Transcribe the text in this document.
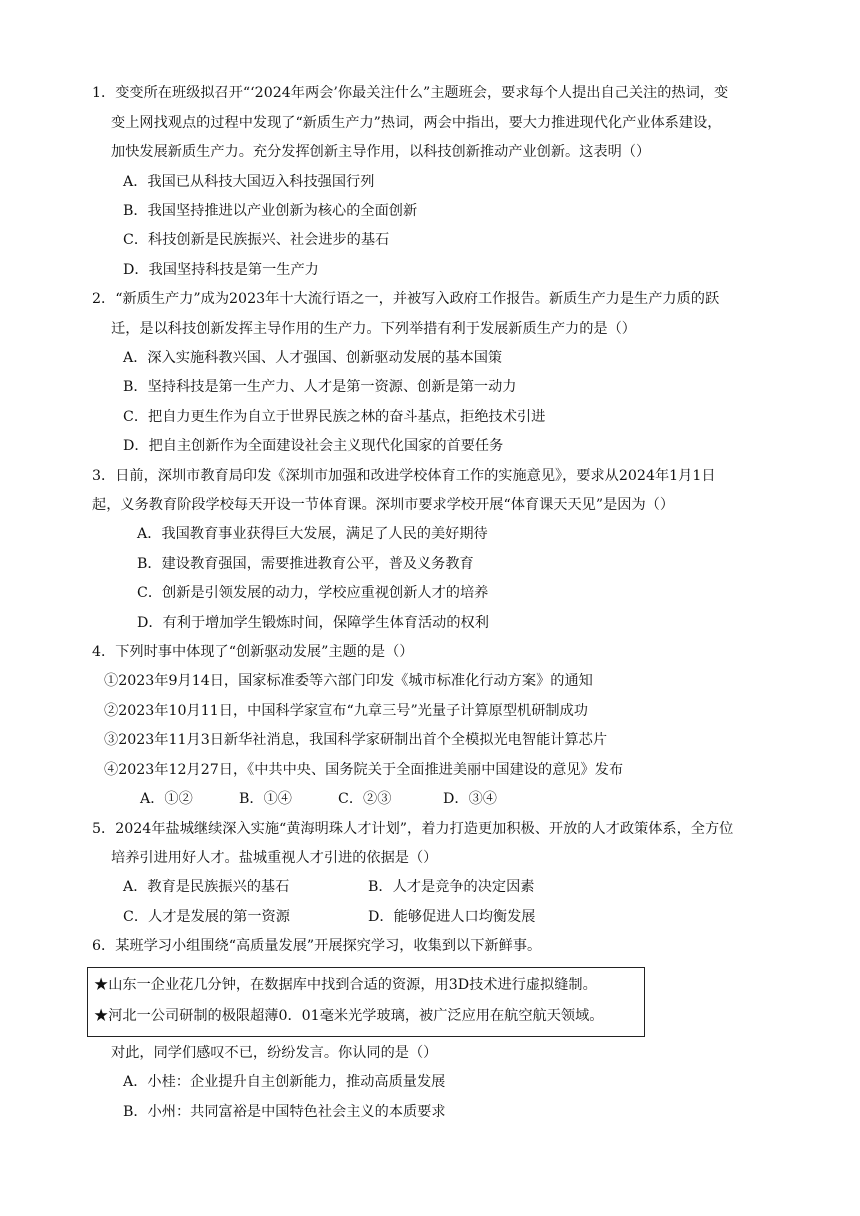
1．变变所在班级拟召开“‘2024年两会’你最关注什么”主题班会，要求每个人提出自己关注的热词，变
变上网找观点的过程中发现了“新质生产力”热词，两会中指出，要大力推进现代化产业体系建设，
加快发展新质生产力。充分发挥创新主导作用，以科技创新推动产业创新。这表明（）
A．我国已从科技大国迈入科技强国行列
B．我国坚持推进以产业创新为核心的全面创新
C．科技创新是民族振兴、社会进步的基石
D．我国坚持科技是第一生产力
2．“新质生产力”成为2023年十大流行语之一，并被写入政府工作报告。新质生产力是生产力质的跃
迁，是以科技创新发挥主导作用的生产力。下列举措有利于发展新质生产力的是（）
A．深入实施科教兴国、人才强国、创新驱动发展的基本国策
B．坚持科技是第一生产力、人才是第一资源、创新是第一动力
C．把自力更生作为自立于世界民族之林的奋斗基点，拒绝技术引进
D．把自主创新作为全面建设社会主义现代化国家的首要任务
3．日前，深圳市教育局印发《深圳市加强和改进学校体育工作的实施意见》，要求从2024年1月1日
起，义务教育阶段学校每天开设一节体育课。深圳市要求学校开展“体育课天天见”是因为（）
A．我国教育事业获得巨大发展，满足了人民的美好期待
B．建设教育强国，需要推进教育公平，普及义务教育
C．创新是引领发展的动力，学校应重视创新人才的培养
D．有利于增加学生锻炼时间，保障学生体育活动的权利
4．下列时事中体现了“创新驱动发展”主题的是（）
①2023年9月14日，国家标准委等六部门印发《城市标准化行动方案》的通知
②2023年10月11日，中国科学家宣布“九章三号”光量子计算原型机研制成功
③2023年11月3日新华社消息，我国科学家研制出首个全模拟光电智能计算芯片
④2023年12月27日，《中共中央、国务院关于全面推进美丽中国建设的意见》发布
A．①②	B．①④	C．②③	D．③④
5．2024年盐城继续深入实施“黄海明珠人才计划”，着力打造更加积极、开放的人才政策体系，全方位
培养引进用好人才。盐城重视人才引进的依据是（）
A．教育是民族振兴的基石	B．人才是竞争的决定因素
C．人才是发展的第一资源	D．能够促进人口均衡发展
6．某班学习小组围绕“高质量发展”开展探究学习，收集到以下新鲜事。
★山东一企业花几分钟，在数据库中找到合适的资源，用3D技术进行虚拟缝制。
★河北一公司研制的极限超薄0．01毫米光学玻璃，被广泛应用在航空航天领域。
对此，同学们感叹不已，纷纷发言。你认同的是（）
A．小桂：企业提升自主创新能力，推动高质量发展
B．小州：共同富裕是中国特色社会主义的本质要求
